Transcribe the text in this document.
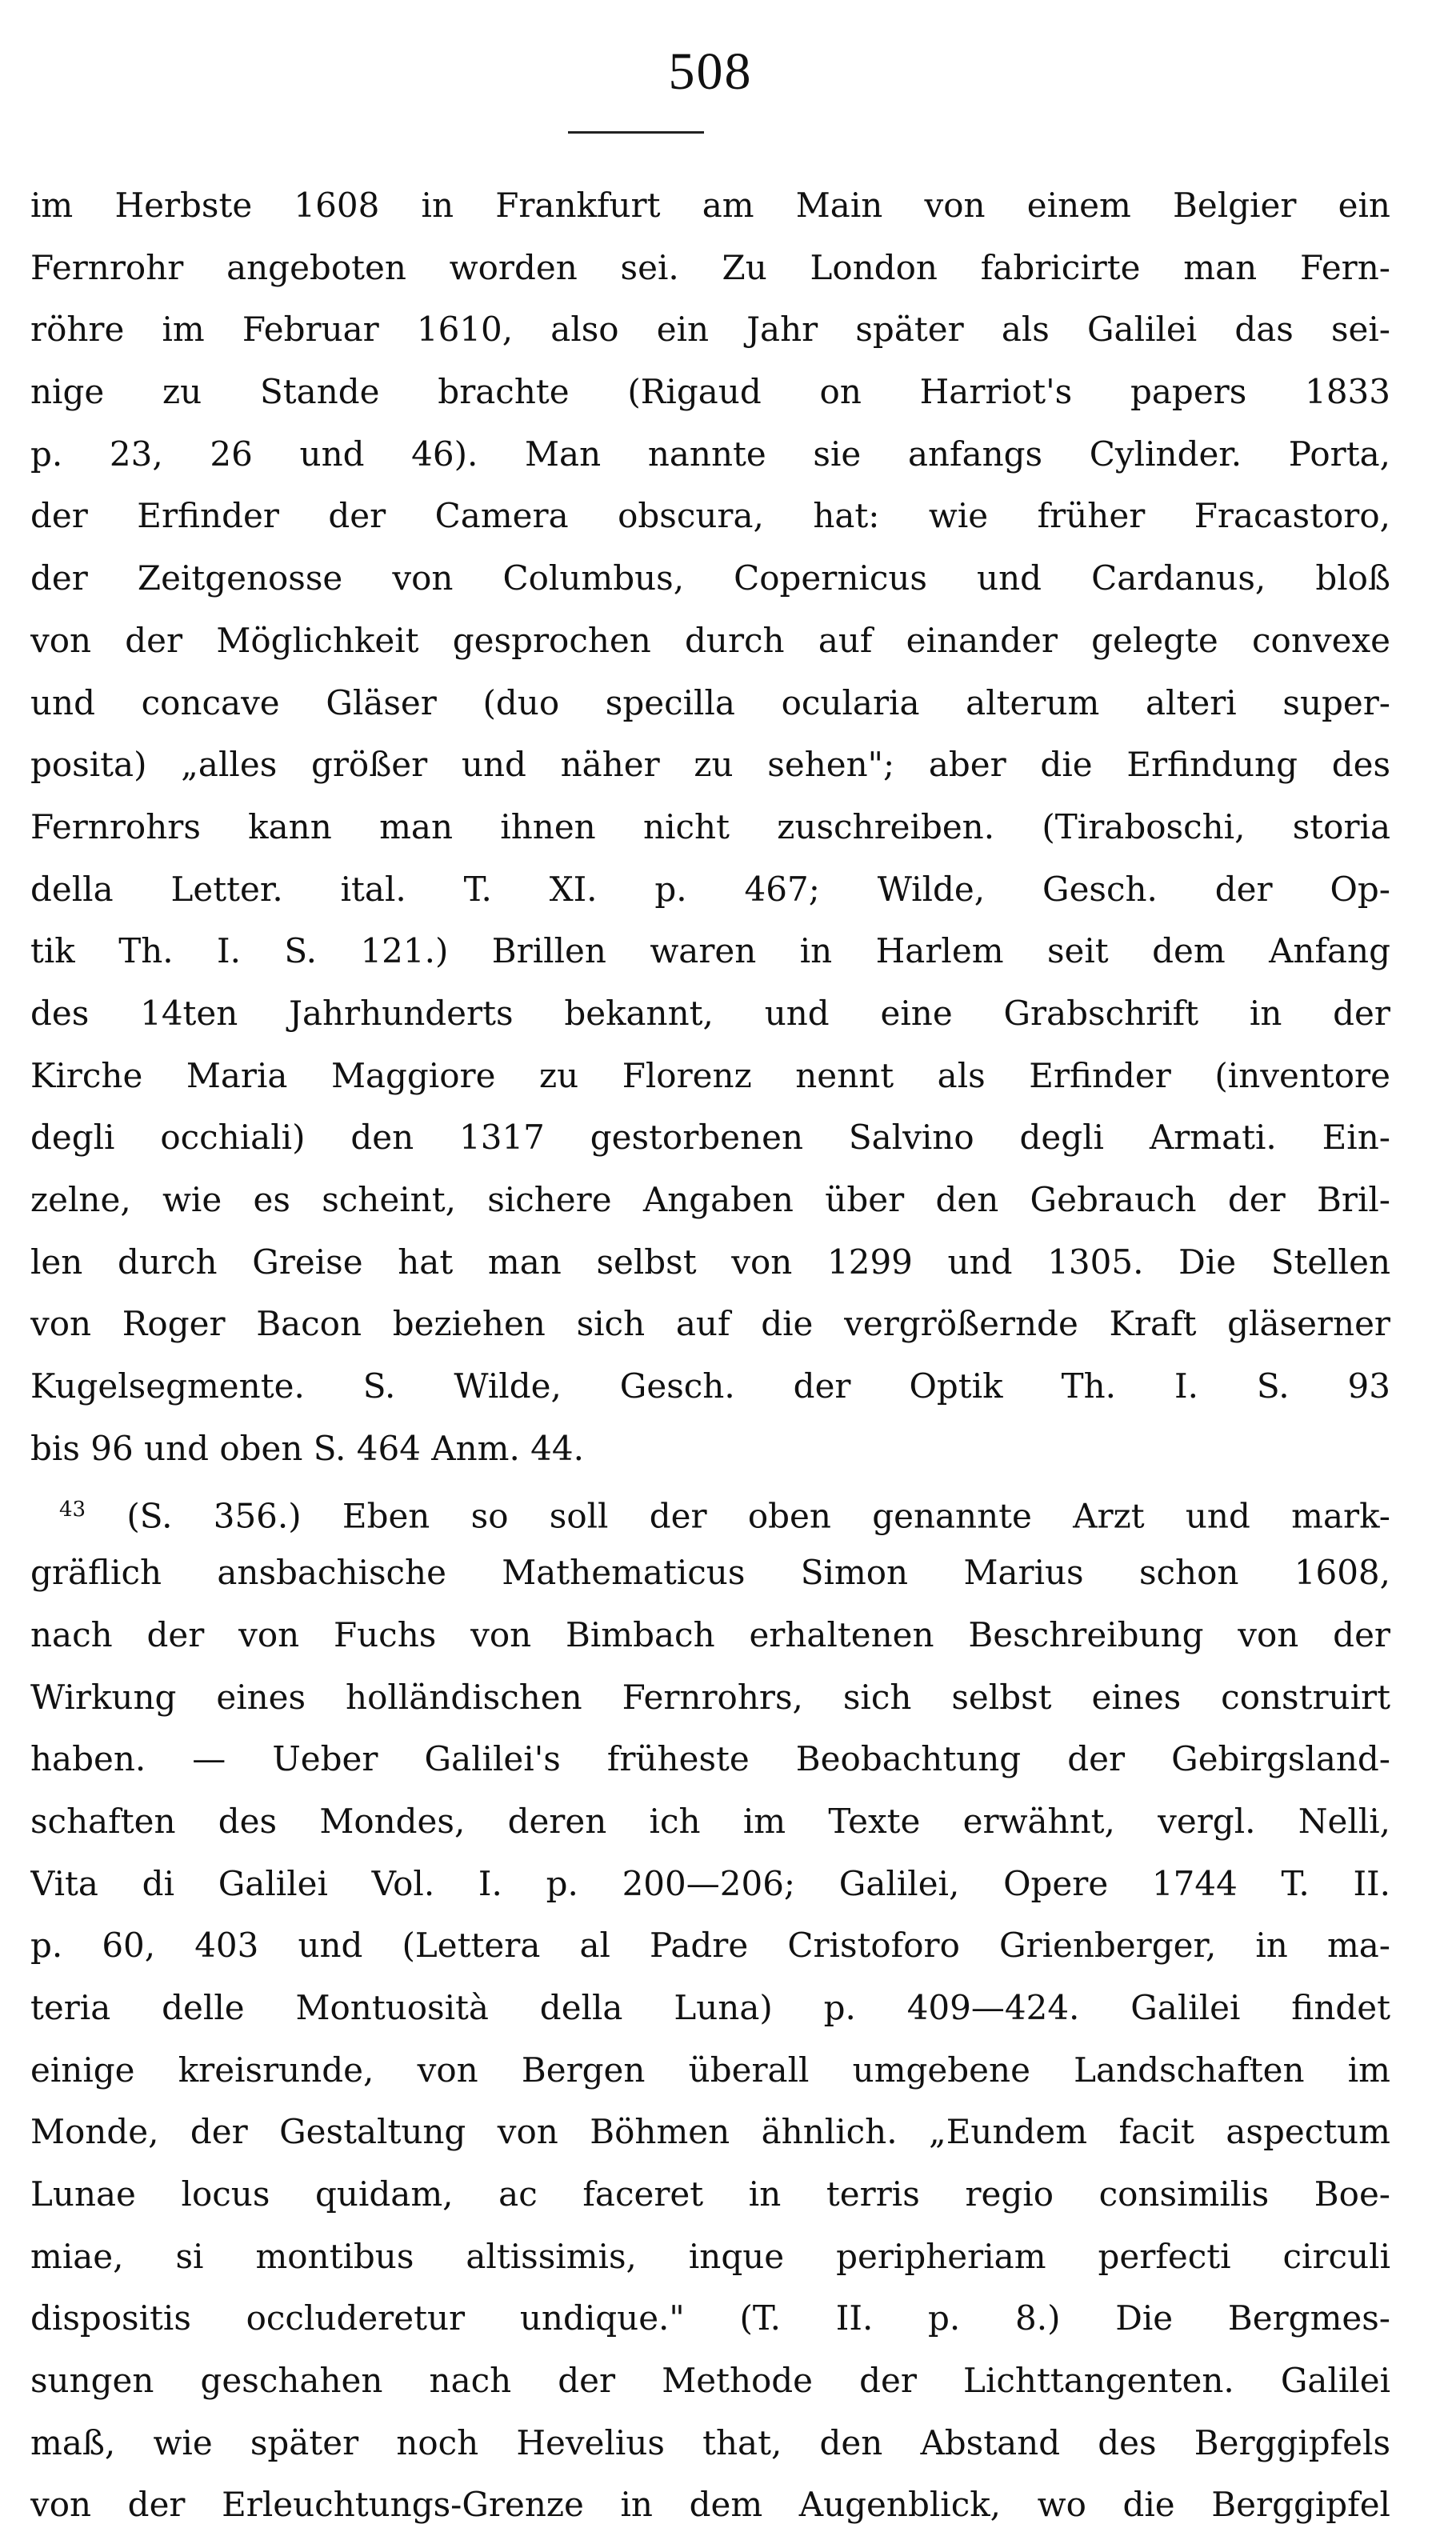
508
im Herbste 1608 in Frankfurt am Main von einem Belgier ein
Fernrohr angeboten worden sei. Zu London fabricirte man Fern-
röhre im Februar 1610, also ein Jahr später als Galilei das sei-
nige zu Stande brachte (Rigaud on Harriot's papers 1833
p. 23, 26 und 46). Man nannte sie anfangs Cylinder. Porta,
der Erfinder der Camera obscura, hat: wie früher Fracastoro,
der Zeitgenosse von Columbus, Copernicus und Cardanus, bloß
von der Möglichkeit gesprochen durch auf einander gelegte convexe
und concave Gläser (duo specilla ocularia alterum alteri super-
posita) „alles größer und näher zu sehen"; aber die Erfindung des
Fernrohrs kann man ihnen nicht zuschreiben. (Tiraboschi, storia
della Letter. ital. T. XI. p. 467; Wilde, Gesch. der Op-
tik Th. I. S. 121.) Brillen waren in Harlem seit dem Anfang
des 14ten Jahrhunderts bekannt, und eine Grabschrift in der
Kirche Maria Maggiore zu Florenz nennt als Erfinder (inventore
degli occhiali) den 1317 gestorbenen Salvino degli Armati. Ein-
zelne, wie es scheint, sichere Angaben über den Gebrauch der Bril-
len durch Greise hat man selbst von 1299 und 1305. Die Stellen
von Roger Bacon beziehen sich auf die vergrößernde Kraft gläserner
Kugelsegmente. S. Wilde, Gesch. der Optik Th. I. S. 93
bis 96 und oben S. 464 Anm. 44.
$^{43}$ (S. 356.) Eben so soll der oben genannte Arzt und mark-
gräflich ansbachische Mathematicus Simon Marius schon 1608,
nach der von Fuchs von Bimbach erhaltenen Beschreibung von der
Wirkung eines holländischen Fernrohrs, sich selbst eines construirt
haben. — Ueber Galilei's früheste Beobachtung der Gebirgsland-
schaften des Mondes, deren ich im Texte erwähnt, vergl. Nelli,
Vita di Galilei Vol. I. p. 200—206; Galilei, Opere 1744 T. II.
p. 60, 403 und (Lettera al Padre Cristoforo Grienberger, in ma-
teria delle Montuosità della Luna) p. 409—424. Galilei findet
einige kreisrunde, von Bergen überall umgebene Landschaften im
Monde, der Gestaltung von Böhmen ähnlich. „Eundem facit aspectum
Lunae locus quidam, ac faceret in terris regio consimilis Boe-
miae, si montibus altissimis, inque peripheriam perfecti circuli
dispositis occluderetur undique." (T. II. p. 8.) Die Bergmes-
sungen geschahen nach der Methode der Lichttangenten. Galilei
maß, wie später noch Hevelius that, den Abstand des Berggipfels
von der Erleuchtungs-Grenze in dem Augenblick, wo die Berggipfel
